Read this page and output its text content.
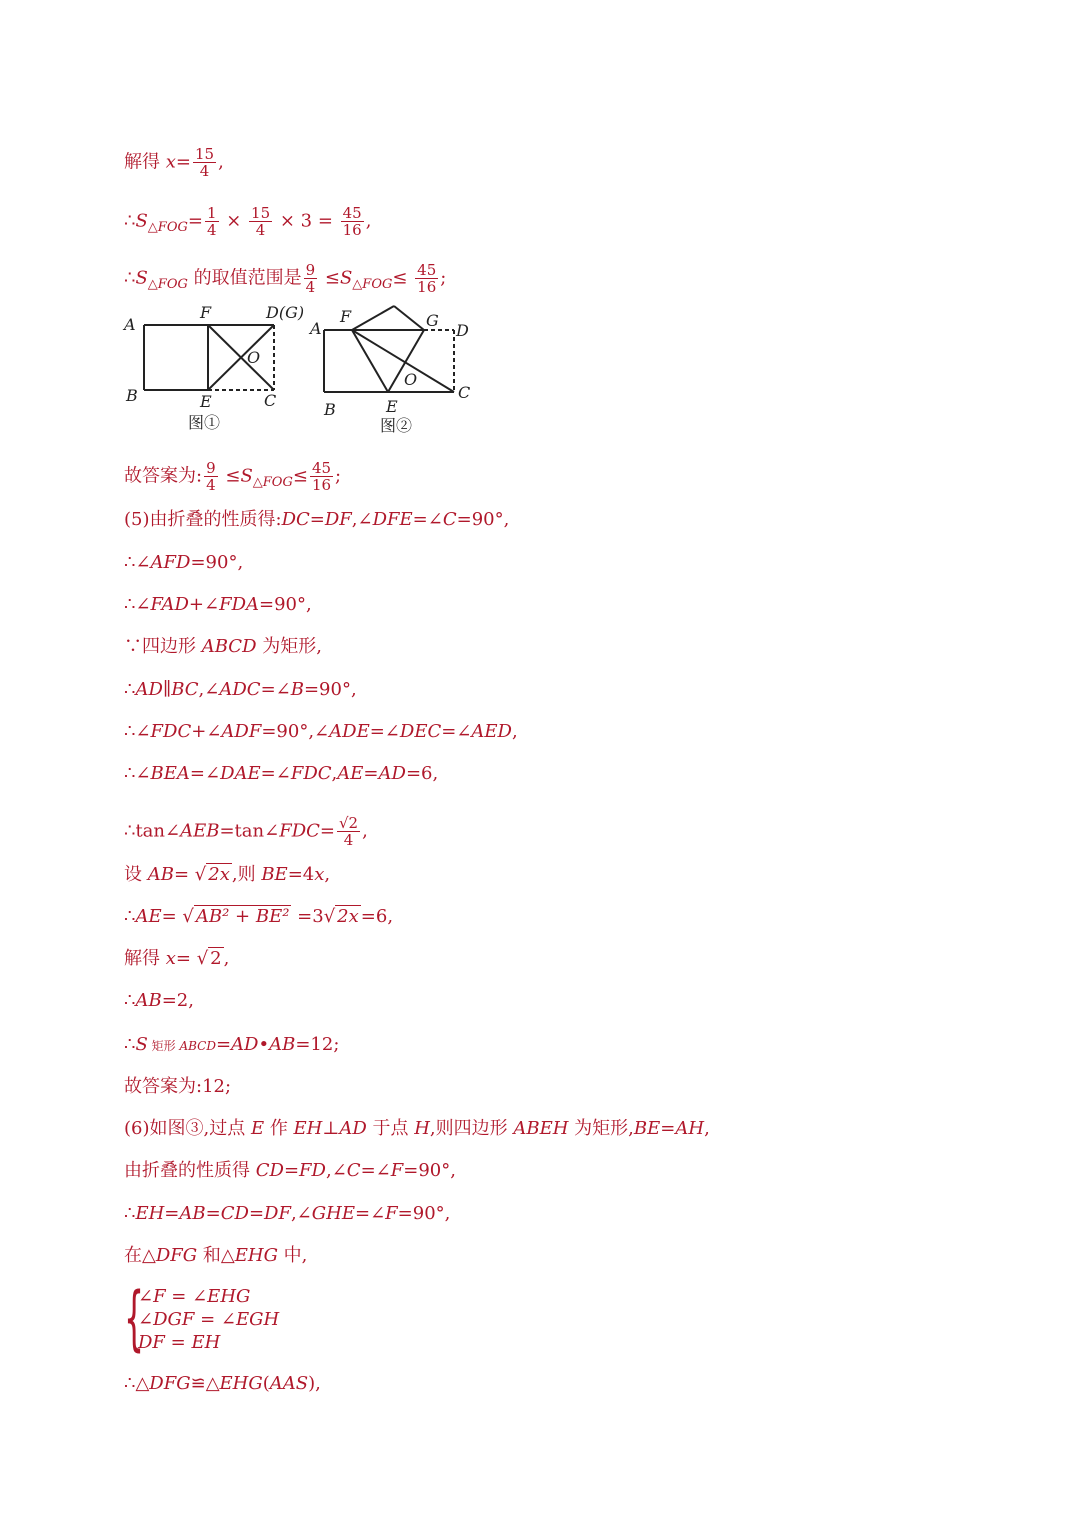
解得 $x= \frac{15}{4}$ ,
$\therefore S_{\triangle FOG}= \frac{1}{4} \times \frac{15}{4} \times 3 = \frac{45}{16}$ ,
$\therefore S_{\triangle FOG}$ 的取值范围是 $\frac{9}{4} \le S_{\triangle FOG}\le \frac{45}{16}$ ;
A
B
F	D(G)
E	C
O
图①
A
B
F	G
D
E
C
O
图②
故答案为: $\frac{9}{4} \le S_{\triangle FOG}\le \frac{45}{16}$ ;
(5)由折叠的性质得:DC=DF,∠DFE=∠C=90°,
∴∠AFD=90°,
∴∠FAD+∠FDA=90°,
∵四边形 ABCD 为矩形,
∴AD∥BC,∠ADC=∠B=90°,
∴∠FDC+∠ADF=90°,∠ADE=∠DEC=∠AED,
∴∠BEA=∠DAE=∠FDC,AE=AD=6,
∴tan∠AEB=tan∠FDC= $\frac{√2}{4}$ ,
设 AB= √ 2x ,则 BE=4x,
∴AE= √ AB² + BE² =3√ 2x =6,
解得 x= √ 2 ,
∴AB=2,
∴S 矩形 ABCD=AD•AB=12;
故答案为:12;
(6)如图③,过点 E 作 EH⊥AD 于点 H,则四边形 ABEH 为矩形,BE=AH,
由折叠的性质得 CD=FD,∠C=∠F=90°,
∴EH=AB=CD=DF,∠GHE=∠F=90°,
在△DFG 和△EHG 中,
{
∠F = ∠EHG
∠DGF = ∠EGH
DF = EH
∴△DFG≌△EHG(AAS),
